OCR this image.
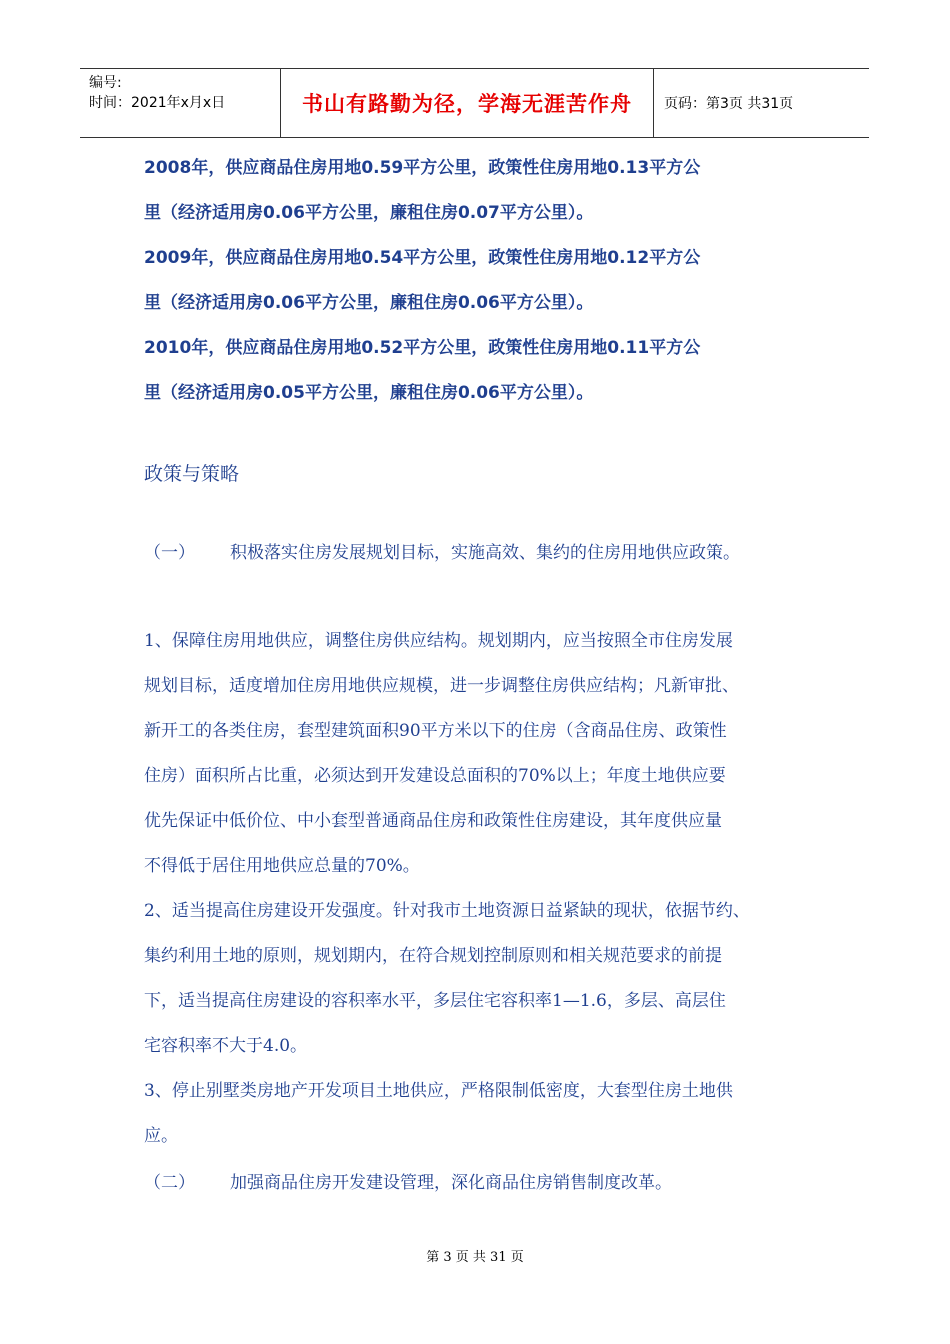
编号:
时间：2021年x月x日	书山有路勤为径，学海无涯苦作舟	页码：第3页 共31页
2008年，供应商品住房用地0.59平方公里，政策性住房用地0.13平方公
里（经济适用房0.06平方公里，廉租住房0.07平方公里）。
2009年，供应商品住房用地0.54平方公里，政策性住房用地0.12平方公
里（经济适用房0.06平方公里，廉租住房0.06平方公里）。
2010年，供应商品住房用地0.52平方公里，政策性住房用地0.11平方公
里（经济适用房0.05平方公里，廉租住房0.06平方公里）。
政策与策略
（一） 积极落实住房发展规划目标，实施高效、集约的住房用地供应政策。
1、保障住房用地供应，调整住房供应结构。规划期内，应当按照全市住房发展
规划目标，适度增加住房用地供应规模，进一步调整住房供应结构；凡新审批、
新开工的各类住房，套型建筑面积90平方米以下的住房（含商品住房、政策性
住房）面积所占比重，必须达到开发建设总面积的70%以上；年度土地供应要
优先保证中低价位、中小套型普通商品住房和政策性住房建设，其年度供应量
不得低于居住用地供应总量的70%。
2、适当提高住房建设开发强度。针对我市土地资源日益紧缺的现状，依据节约、
集约利用土地的原则，规划期内，在符合规划控制原则和相关规范要求的前提
下，适当提高住房建设的容积率水平，多层住宅容积率1—1.6，多层、高层住
宅容积率不大于4.0。
3、停止别墅类房地产开发项目土地供应，严格限制低密度，大套型住房土地供
应。
（二） 加强商品住房开发建设管理，深化商品住房销售制度改革。
第 3 页 共 31 页
